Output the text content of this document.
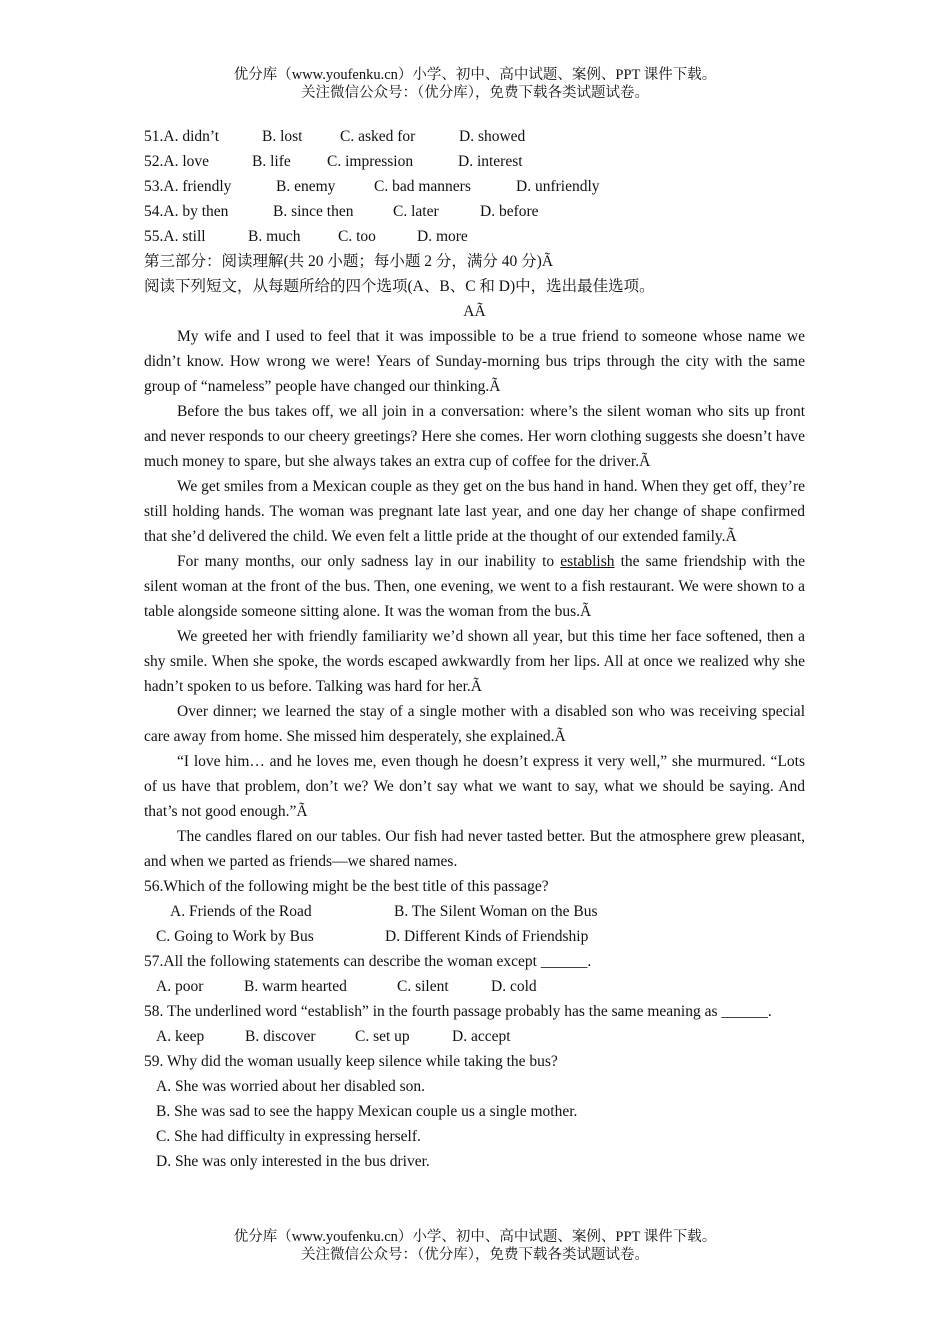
优分库（www.youfenku.cn）小学、初中、高中试题、案例、PPT 课件下载。
关注微信公众号：（优分库），免费下载各类试题试卷。
51.A. didn’t	B. lost C. asked for	D. showed
52.A. love	B. life C. impression	D. interest
53.A. friendly	B. enemy C. bad manners	D. unfriendly
54.A. by then	B. since then	C. later	D. before
55.A. still	B. much C. too	D. more
第三部分：阅读理解(共 20 小题；每小题 2 分，满分 40 分)Ã
阅读下列短文，从每题所给的四个选项(A、B、C 和 D)中，选出最佳选项。
AÃ

My wife and I used to feel that it was impossible to be a true friend to someone whose name we didn’t know. How wrong we were! Years of Sunday-morning bus trips through the city with the same group of “nameless” people have changed our thinking.Ã

Before the bus takes off, we all join in a conversation: where’s the silent woman who sits up front and never responds to our cheery greetings? Here she comes. Her worn clothing suggests she doesn’t have much money to spare, but she always takes an extra cup of coffee for the driver.Ã

We get smiles from a Mexican couple as they get on the bus hand in hand. When they get off, they’re still holding hands. The woman was pregnant late last year, and one day her change of shape confirmed that she’d delivered the child. We even felt a little pride at the thought of our extended family.Ã

For many months, our only sadness lay in our inability to establish the same friendship with the silent woman at the front of the bus. Then, one evening, we went to a fish restaurant. We were shown to a table alongside someone sitting alone. It was the woman from the bus.Ã

We greeted her with friendly familiarity we’d shown all year, but this time her face softened, then a shy smile. When she spoke, the words escaped awkwardly from her lips. All at once we realized why she hadn’t spoken to us before. Talking was hard for her.Ã

Over dinner; we learned the stay of a single mother with a disabled son who was receiving special care away from home. She missed him desperately, she explained.Ã

“I love him… and he loves me, even though he doesn’t express it very well,” she murmured. “Lots of us have that problem, don’t we? We don’t say what we want to say, what we should be saying. And that’s not good enough.”Ã

The candles flared on our tables. Our fish had never tasted better. But the atmosphere grew pleasant, and when we parted as friends—we shared names.

56.Which of the following might be the best title of this passage?
A. Friends of the Road	B. The Silent Woman on the Bus
C. Going to Work by Bus	D. Different Kinds of Friendship
57.All the following statements can describe the woman except ______.
A. poor	B. warm hearted	C. silent	D. cold

58. The underlined word “establish” in the fourth passage probably has the same meaning as ______.

A. keep	B. discover	C. set up	D. accept
59. Why did the woman usually keep silence while taking the bus?
A. She was worried about her disabled son.
B. She was sad to see the happy Mexican couple us a single mother.
C. She had difficulty in expressing herself.
D. She was only interested in the bus driver.
优分库（www.youfenku.cn）小学、初中、高中试题、案例、PPT 课件下载。
关注微信公众号：（优分库），免费下载各类试题试卷。
